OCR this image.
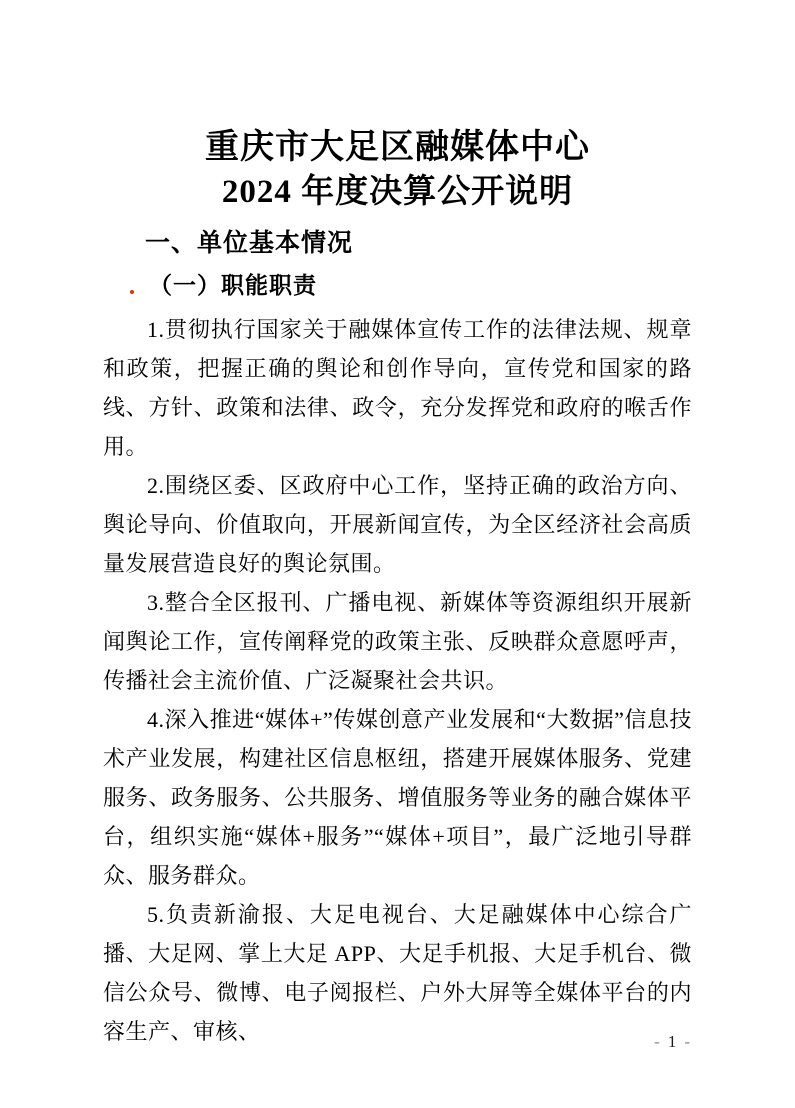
重庆市大足区融媒体中心
2024 年度决算公开说明
一、单位基本情况
（一）职能职责

1.贯彻执行国家关于融媒体宣传工作的法律法规、规章和政策，把握正确的舆论和创作导向，宣传党和国家的路线、方针、政策和法律、政令，充分发挥党和政府的喉舌作用。

2.围绕区委、区政府中心工作，坚持正确的政治方向、舆论导向、价值取向，开展新闻宣传，为全区经济社会高质量发展营造良好的舆论氛围。

3.整合全区报刊、广播电视、新媒体等资源组织开展新闻舆论工作，宣传阐释党的政策主张、反映群众意愿呼声，传播社会主流价值、广泛凝聚社会共识。

4.深入推进“媒体+”传媒创意产业发展和“大数据”信息技术产业发展，构建社区信息枢纽，搭建开展媒体服务、党建服务、政务服务、公共服务、增值服务等业务的融合媒体平台，组织实施“媒体+服务”“媒体+项目”，最广泛地引导群众、服务群众。

5.负责新渝报、大足电视台、大足融媒体中心综合广播、大足网、掌上大足 APP、大足手机报、大足手机台、微信公众号、微博、电子阅报栏、户外大屏等全媒体平台的内容生产、审核、	- 1 -
